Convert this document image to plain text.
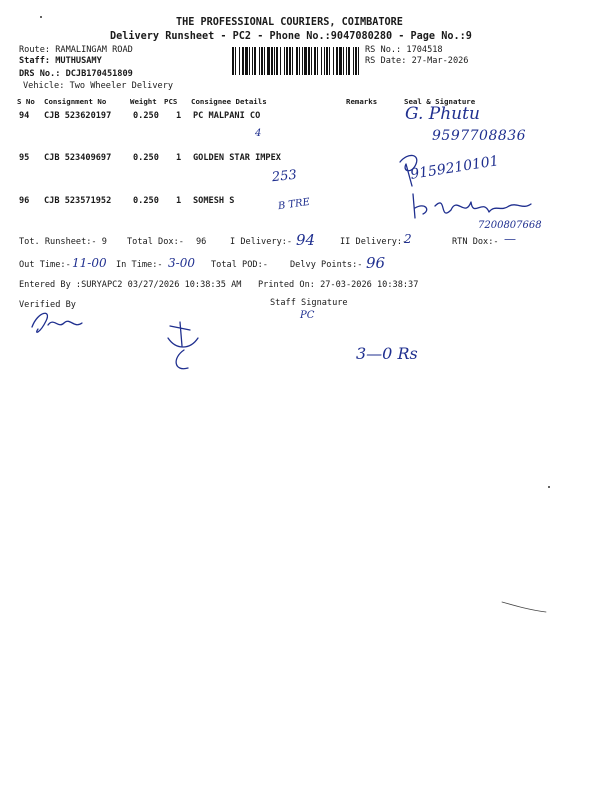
THE PROFESSIONAL COURIERS, COIMBATORE
Delivery Runsheet - PC2 - Phone No.:9047080280 - Page No.:9
Route: RAMALINGAM ROAD
Staff: MUTHUSAMY
DRS No.: DCJB170451809
Vehicle: Two Wheeler Delivery
RS No.: 1704518
RS Date: 27-Mar-2026
S No Consignment No	Weight PCS Consignee Details	Remarks	Seal & Signature
94 CJB 523620197	0.250 1 PC MALPANI CO
95 CJB 523409697	0.250 1 GOLDEN STAR IMPEX
96 CJB 523571952	0.250 1 SOMESH S
G. Phutu
4	9597708836
9159210101
253
B TRE
7200807668
Tot. Runsheet:- 9 Total Dox:- 96	I Delivery:- 94	II Delivery:-
2	RTN Dox:- —
Out Time:- 11-00 In Time:- 3-00 Total POD:-	Delvy Points:- 96
Entered By :SURYAPC2 03/27/2026 10:38:35 AM Printed On: 27-03-2026 10:38:37
Verified By	Staff Signature
PC
3—0 Rs
